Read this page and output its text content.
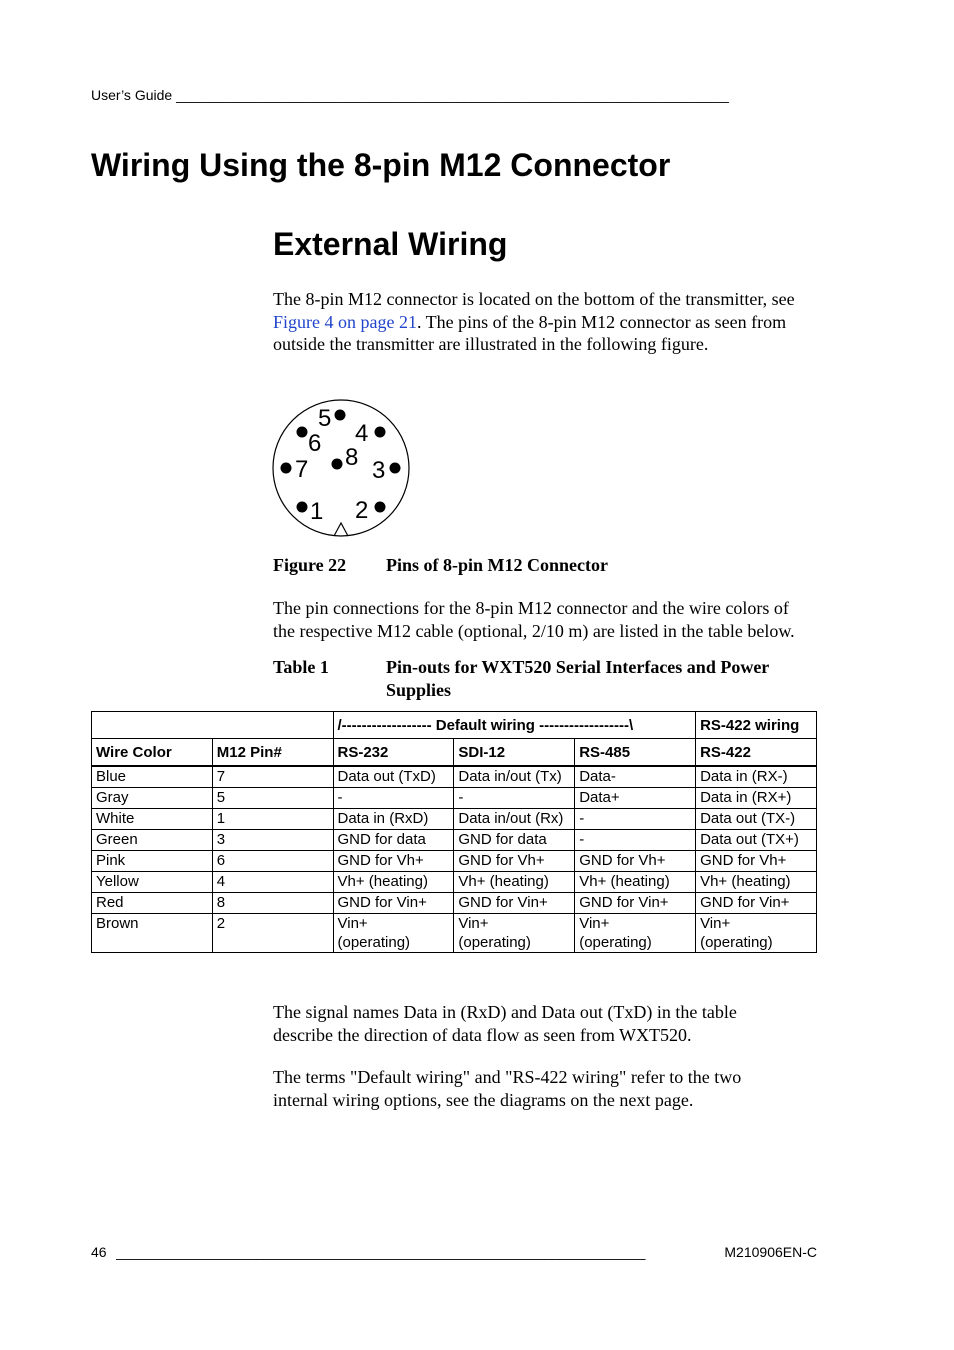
User’s Guide _______________________________________________________________________
Wiring Using the 8-pin M12 Connector
External Wiring
The 8-pin M12 connector is located on the bottom of the transmitter, see
Figure 4 on page 21. The pins of the 8-pin M12 connector as seen from
outside the transmitter are illustrated in the following figure.
5
6 4
7	3
8
1 2
Figure 22 Pins of 8-pin M12 Connector
The pin connections for the 8-pin M12 connector and the wire colors of
the respective M12 cable (optional, 2/10 m) are listed in the table below.
Table 1	Pin-outs for WXT520 Serial Interfaces and Power Supplies
		/------------------ Default wiring ------------------\			RS-422 wiring
Wire Color	M12 Pin#	RS-232	SDI-12	RS-485	RS-422
Blue	7	Data out (TxD)	Data in/out (Tx)	Data-	Data in (RX-)
Gray	5	-	-	Data+	Data in (RX+)
White	1	Data in (RxD)	Data in/out (Rx)	-	Data out (TX-)
Green	3	GND for data	GND for data	-	Data out (TX+)
Pink	6	GND for Vh+	GND for Vh+	GND for Vh+	GND for Vh+
Yellow	4	Vh+ (heating)	Vh+ (heating)	Vh+ (heating)	Vh+ (heating)
Red	8	GND for Vin+	GND for Vin+	GND for Vin+	GND for Vin+
Brown	2	Vin+
(operating)	Vin+
(operating)	Vin+
(operating)	Vin+
(operating)
The signal names Data in (RxD) and Data out (TxD) in the table
describe the direction of data flow as seen from WXT520.
The terms "Default wiring" and "RS-422 wiring" refer to the two
internal wiring options, see the diagrams on the next page.
46 ____________________________________________________________________	M210906EN-C
